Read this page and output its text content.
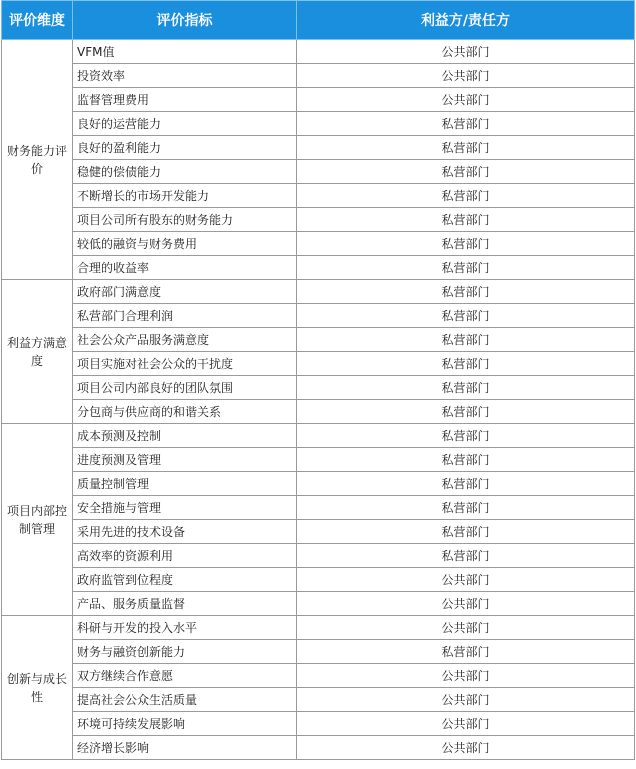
评价维度	评价指标	利益方/责任方
财务能力评价	VFM值	公共部门
	投资效率	公共部门
	监督管理费用	公共部门
	良好的运营能力	私营部门
	良好的盈利能力	私营部门
	稳健的偿债能力	私营部门
	不断增长的市场开发能力	私营部门
	项目公司所有股东的财务能力	私营部门
	较低的融资与财务费用	私营部门
	合理的收益率	私营部门
利益方满意度	政府部门满意度	私营部门
	私营部门合理利润	私营部门
	社会公众产品服务满意度	私营部门
	项目实施对社会公众的干扰度	私营部门
	项目公司内部良好的团队氛围	私营部门
	分包商与供应商的和谐关系	私营部门
项目内部控制管理	成本预测及控制	私营部门
	进度预测及管理	私营部门
	质量控制管理	私营部门
	安全措施与管理	私营部门
	采用先进的技术设备	私营部门
	高效率的资源利用	私营部门
	政府监管到位程度	公共部门
	产品、服务质量监督	公共部门
创新与成长性	科研与开发的投入水平	公共部门
	财务与融资创新能力	私营部门
	双方继续合作意愿	公共部门
	提高社会公众生活质量	公共部门
	环境可持续发展影响	公共部门
	经济增长影响	公共部门
